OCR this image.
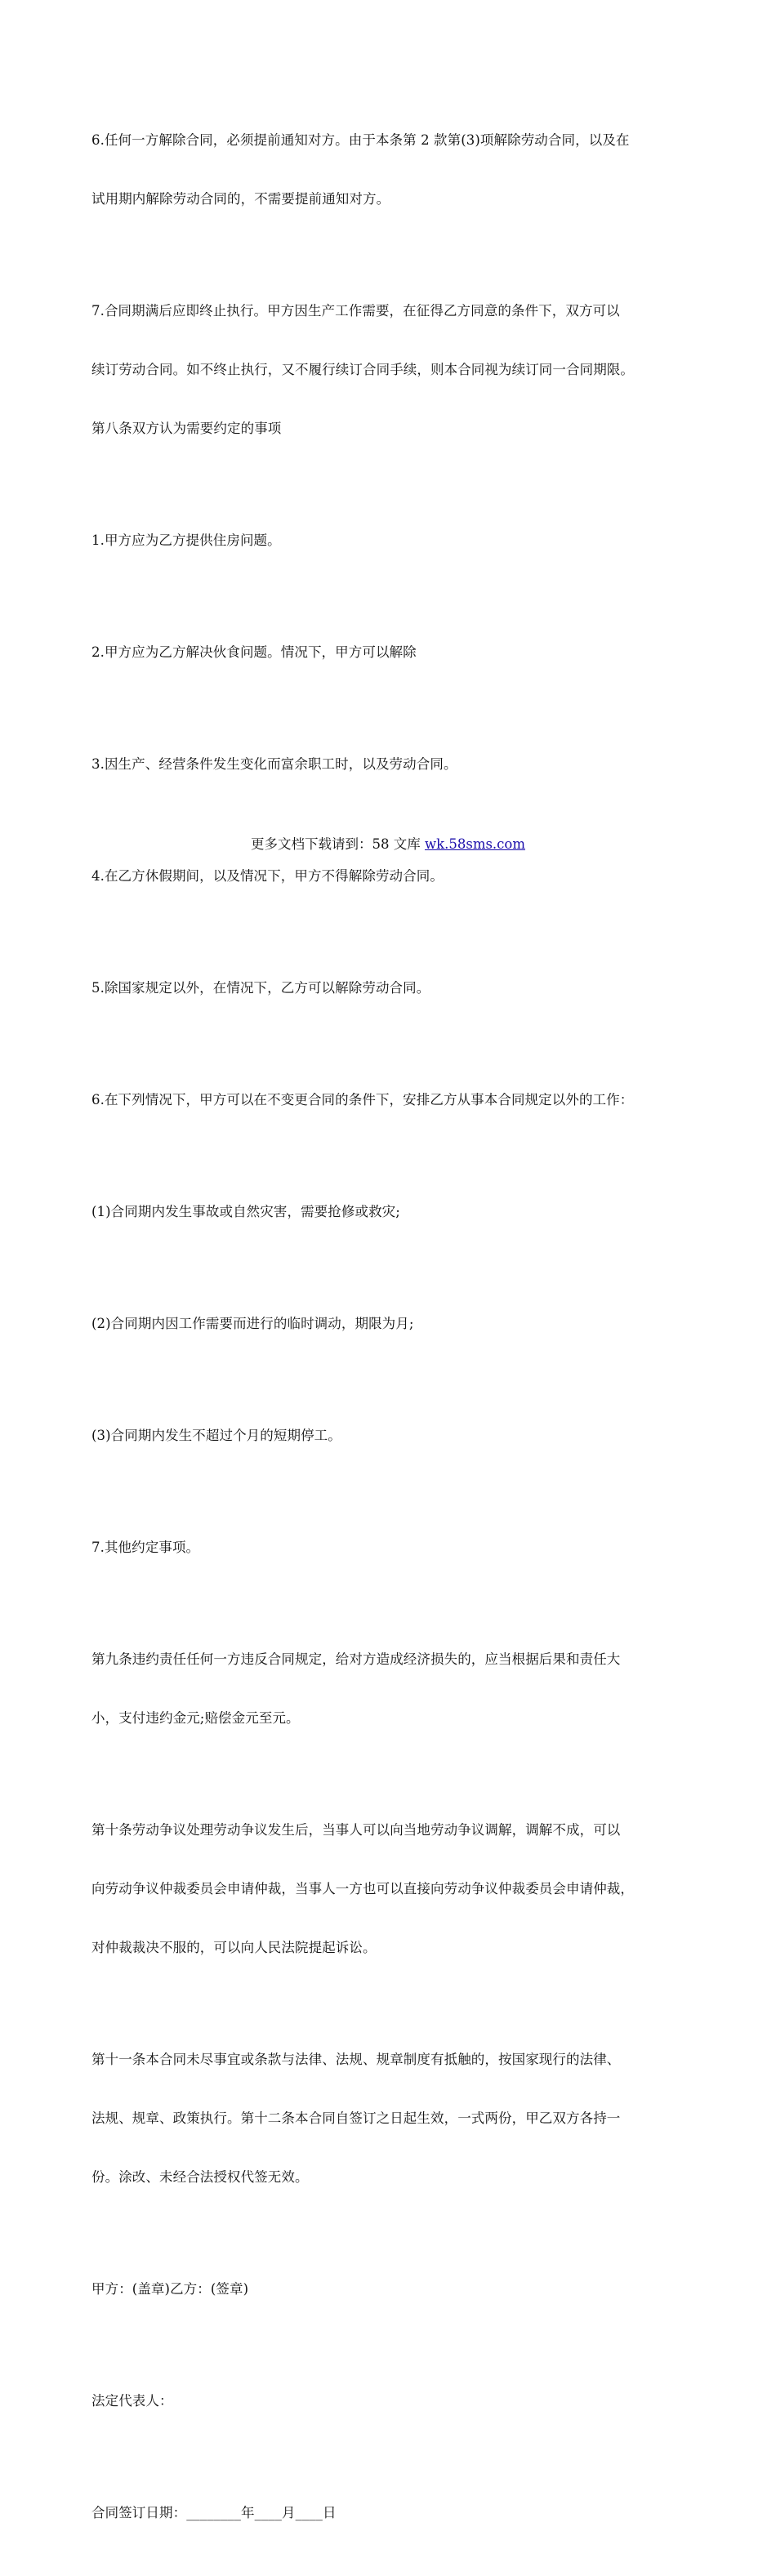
6.任何一方解除合同，必须提前通知对方。由于本条第 2 款第(3)项解除劳动合同，以及在

试用期内解除劳动合同的，不需要提前通知对方。

7.合同期满后应即终止执行。甲方因生产工作需要，在征得乙方同意的条件下，双方可以

续订劳动合同。如不终止执行，又不履行续订合同手续，则本合同视为续订同一合同期限。

第八条双方认为需要约定的事项

1.甲方应为乙方提供住房问题。

2.甲方应为乙方解决伙食问题。情况下，甲方可以解除

3.因生产、经营条件发生变化而富余职工时，以及劳动合同。

4.在乙方休假期间，以及情况下，甲方不得解除劳动合同。

5.除国家规定以外，在情况下，乙方可以解除劳动合同。

6.在下列情况下，甲方可以在不变更合同的条件下，安排乙方从事本合同规定以外的工作：

(1)合同期内发生事故或自然灾害，需要抢修或救灾;

(2)合同期内因工作需要而进行的临时调动，期限为月;

(3)合同期内发生不超过个月的短期停工。

7.其他约定事项。

第九条违约责任任何一方违反合同规定，给对方造成经济损失的，应当根据后果和责任大

小，支付违约金元;赔偿金元至元。

第十条劳动争议处理劳动争议发生后，当事人可以向当地劳动争议调解，调解不成，可以

向劳动争议仲裁委员会申请仲裁，当事人一方也可以直接向劳动争议仲裁委员会申请仲裁，

对仲裁裁决不服的，可以向人民法院提起诉讼。

第十一条本合同未尽事宜或条款与法律、法规、规章制度有抵触的，按国家现行的法律、

法规、规章、政策执行。第十二条本合同自签订之日起生效，一式两份，甲乙双方各持一

份。涂改、未经合法授权代签无效。

甲方：(盖章)乙方：(签章)

法定代表人：

合同签订日期：________年____月____日

更多文档下载请到：58 文库 wk.58sms.com
